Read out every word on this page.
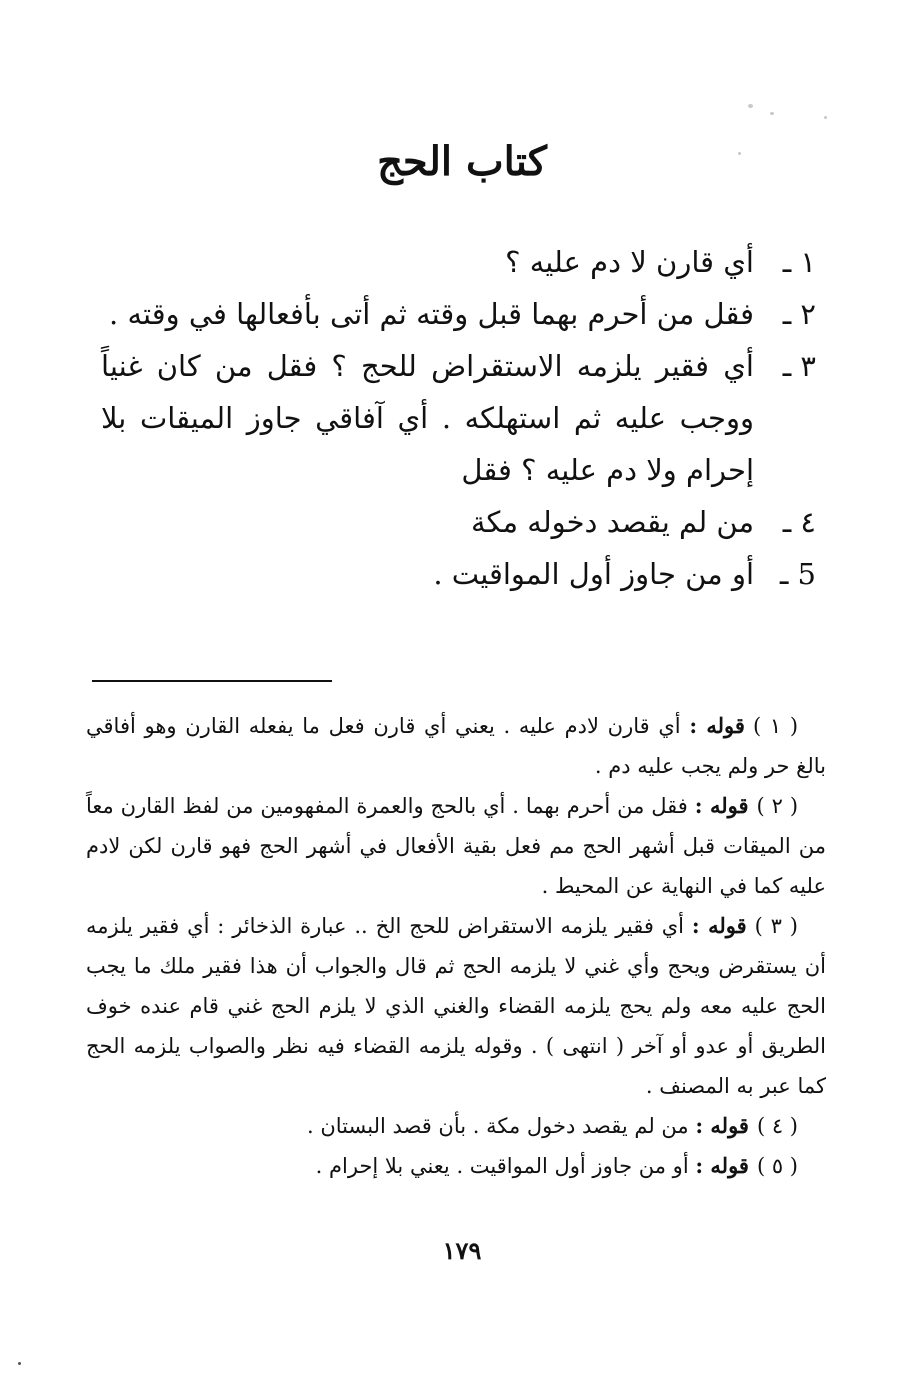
كتاب الحج
١ ـ
أي قارن لا دم عليه ؟
٢ ـ
فقل من أحرم بهما قبل وقته ثم أتى بأفعالها في وقته .
٣ ـ
أي فقير يلزمه الاستقراض للحج ؟ فقل من كان غنياً ووجب عليه ثم استهلكه . أي آفاقي جاوز الميقات بلا إحرام ولا دم عليه ؟ فقل
٤ ـ
من لم يقصد دخوله مكة
5 ـ
أو من جاوز أول المواقيت .

( ١ )قوله : أي قارن لادم عليه . يعني أي قارن فعل ما يفعله القارن وهو أفاقي بالغ حر ولم يجب عليه دم .

( ٢ )قوله : فقل من أحرم بهما . أي بالحج والعمرة المفهومين من لفظ القارن معاً من الميقات قبل أشهر الحج مم فعل بقية الأفعال في أشهر الحج فهو قارن لكن لادم عليه كما في النهاية عن المحيط .

( ٣ )قوله : أي فقير يلزمه الاستقراض للحج الخ .. عبارة الذخائر : أي فقير يلزمه أن يستقرض ويحج وأي غني لا يلزمه الحج ثم قال والجواب أن هذا فقير ملك ما يجب الحج عليه معه ولم يحج يلزمه القضاء والغني الذي لا يلزم الحج غني قام عنده خوف الطريق أو عدو أو آخر ( انتهى ) . وقوله يلزمه القضاء فيه نظر والصواب يلزمه الحج كما عبر به المصنف .

( ٤ )قوله : من لم يقصد دخول مكة . بأن قصد البستان .

( ٥ )قوله : أو من جاوز أول المواقيت . يعني بلا إحرام .

١٧٩
